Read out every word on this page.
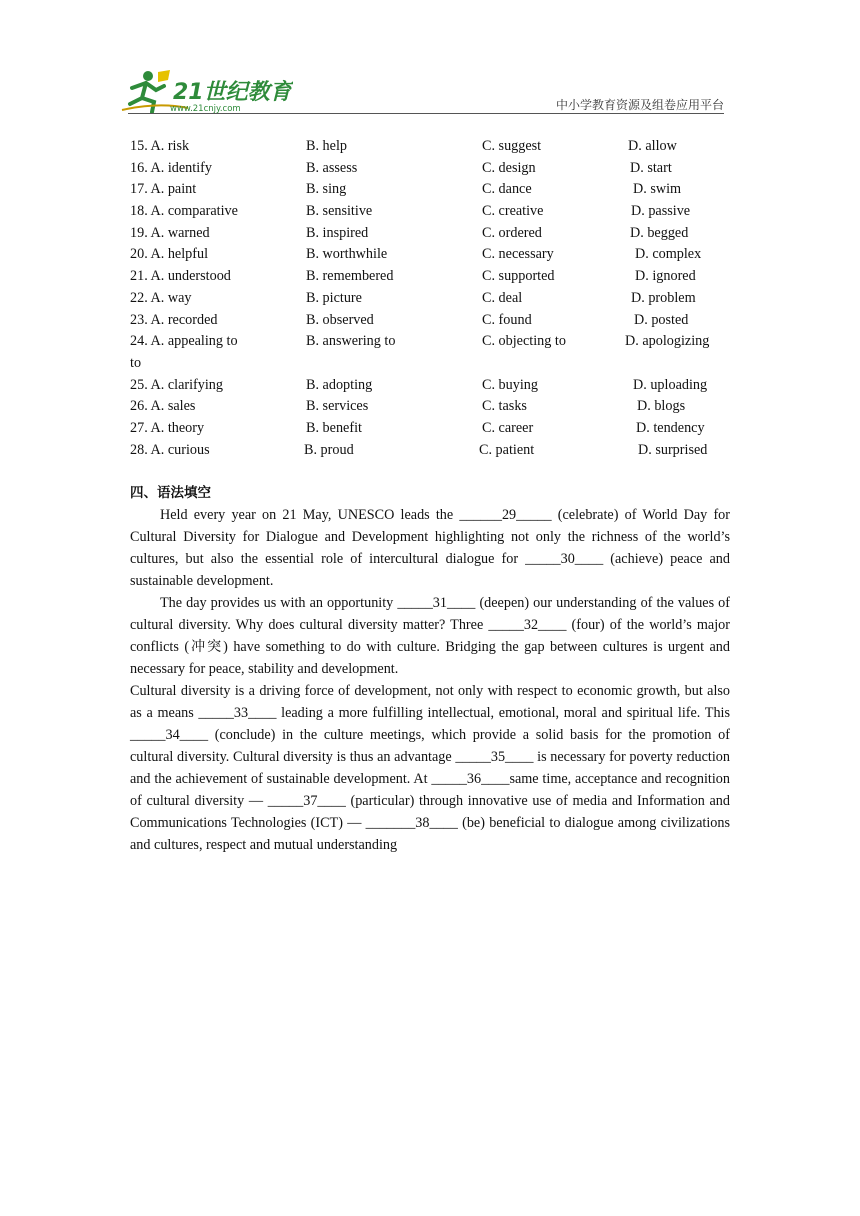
21世纪教育
www.21cnjy.com	中小学教育资源及组卷应用平台
15. A. risk	B. help	C. suggest	D. allow
16. A. identify	B. assess	C. design	D. start
17. A. paint	B. sing	C. dance	D. swim
18. A. comparative	B. sensitive	C. creative	D. passive
19. A. warned	B. inspired	C. ordered	D. begged
20. A. helpful	B. worthwhile	C. necessary	D. complex
21. A. understood	B. remembered	C. supported	D. ignored
22. A. way	B. picture	C. deal	D. problem
23. A. recorded	B. observed	C. found	D. posted
24. A. appealing to	B. answering to	C. objecting to	D. apologizing
to
25. A. clarifying	B. adopting	C. buying	D. uploading
26. A. sales	B. services	C. tasks	D. blogs
27. A. theory	B. benefit	C. career	D. tendency
28. A. curious	B. proud	C. patient	D. surprised

四、语法填空

Held every year on 21 May, UNESCO leads the ______29_____ (celebrate) of World Day for Cultural Diversity for Dialogue and Development highlighting not only the richness of the world’s cultures, but also the essential role of intercultural dialogue for _____30____ (achieve) peace and sustainable development.

The day provides us with an opportunity _____31____ (deepen) our understanding of the values of cultural diversity. Why does cultural diversity matter? Three _____32____ (four) of the world’s major conflicts (冲突) have something to do with culture. Bridging the gap between cultures is urgent and necessary for peace, stability and development.

Cultural diversity is a driving force of development, not only with respect to economic growth, but also as a means _____33____ leading a more fulfilling intellectual, emotional, moral and spiritual life. This _____34____ (conclude) in the culture meetings, which provide a solid basis for the promotion of cultural diversity. Cultural diversity is thus an advantage _____35____ is necessary for poverty reduction and the achievement of sustainable development. At _____36____same time, acceptance and recognition of cultural diversity — _____37____ (particular) through innovative use of media and Information and Communications Technologies (ICT) — _______38____ (be) beneficial to dialogue among civilizations and cultures, respect and mutual understanding
